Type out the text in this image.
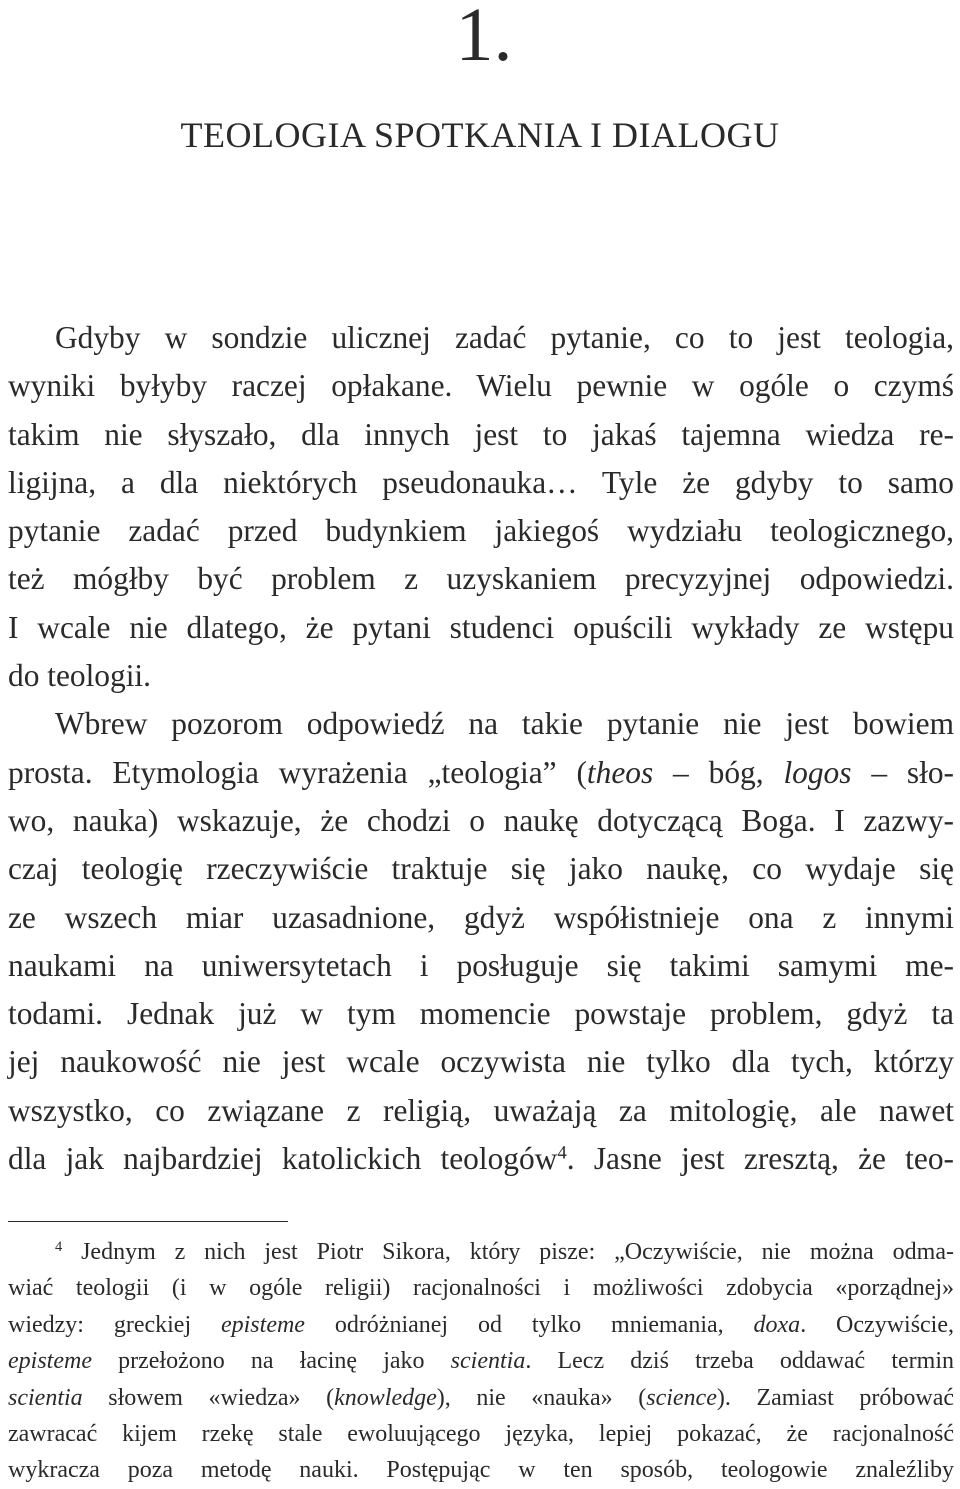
1.
TEOLOGIA SPOTKANIA I DIALOGU
Gdyby w sondzie ulicznej zadać pytanie, co to jest teologia,
wyniki byłyby raczej opłakane. Wielu pewnie w ogóle o czymś
takim nie słyszało, dla innych jest to jakaś tajemna wiedza re-
ligijna, a dla niektórych pseudonauka… Tyle że gdyby to samo
pytanie zadać przed budynkiem jakiegoś wydziału teologicznego,
też mógłby być problem z uzyskaniem precyzyjnej odpowiedzi.
I wcale nie dlatego, że pytani studenci opuścili wykłady ze wstępu
do teologii.
Wbrew pozorom odpowiedź na takie pytanie nie jest bowiem
prosta. Etymologia wyrażenia „teologia” (theos – bóg, logos – sło-
wo, nauka) wskazuje, że chodzi o naukę dotyczącą Boga. I zazwy-
czaj teologię rzeczywiście traktuje się jako naukę, co wydaje się
ze wszech miar uzasadnione, gdyż współistnieje ona z innymi
naukami na uniwersytetach i posługuje się takimi samymi me-
todami. Jednak już w tym momencie powstaje problem, gdyż ta
jej naukowość nie jest wcale oczywista nie tylko dla tych, którzy
wszystko, co związane z religią, uważają za mitologię, ale nawet
dla jak najbardziej katolickich teologów$^4$. Jasne jest zresztą, że teo-
$^4$ Jednym z nich jest Piotr Sikora, który pisze: „Oczywiście, nie można odma-
wiać teologii (i w ogóle religii) racjonalności i możliwości zdobycia «porządnej»
wiedzy: greckiej episteme odróżnianej od tylko mniemania, doxa. Oczywiście,
episteme przełożono na łacinę jako scientia. Lecz dziś trzeba oddawać termin
scientia słowem «wiedza» (knowledge), nie «nauka» (science). Zamiast próbować
zawracać kijem rzekę stale ewoluującego języka, lepiej pokazać, że racjonalność
wykracza poza metodę nauki. Postępując w ten sposób, teologowie znaleźliby
